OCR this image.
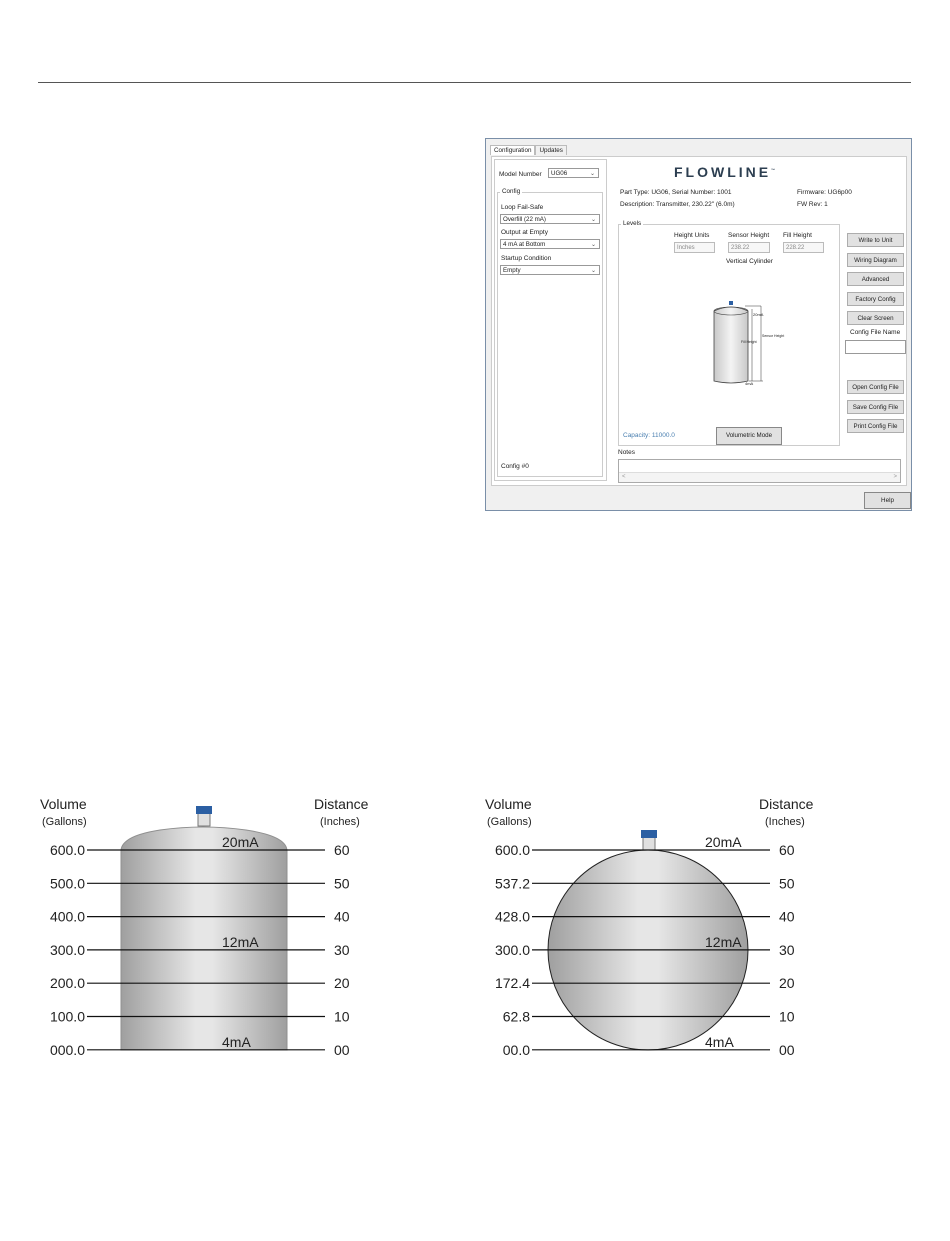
Configuration	Updates
Model Number	UG06	⌄
Config
Loop Fail-Safe
Overfill (22 mA)	⌄
Output at Empty
4 mA at Bottom	⌄
Startup Condition
Empty	⌄
Config #0
FLOWLINE™
Part Type: UG06, Serial Number: 1001
Description: Transmitter, 230.22" (6.0m)
Firmware: UG6p00
FW Rev: 1
Levels
Height Units
Inches
Sensor Height
238.22
Fill Height
228.22
Vertical Cylinder
20mA
4mA
Fill Height
Sensor Height
Capacity: 11000.0	Volumetric Mode
Write to Unit
Wiring Diagram
Advanced
Factory Config
Clear Screen
Config File Name
Open Config File
Save Config File
Print Config File
Notes
<	>
Help
Volume
(Gallons)
Distance
(Inches)
600.0	60
20mA
500.0	50
400.0	40
300.0	30
12mA
200.0	20
100.0	10
000.0	00
4mA
Volume
(Gallons)
Distance
(Inches)
600.0	60
20mA
537.2	50
428.0	40
300.0	30
12mA
172.4	20
62.8	10
00.0	00
4mA
